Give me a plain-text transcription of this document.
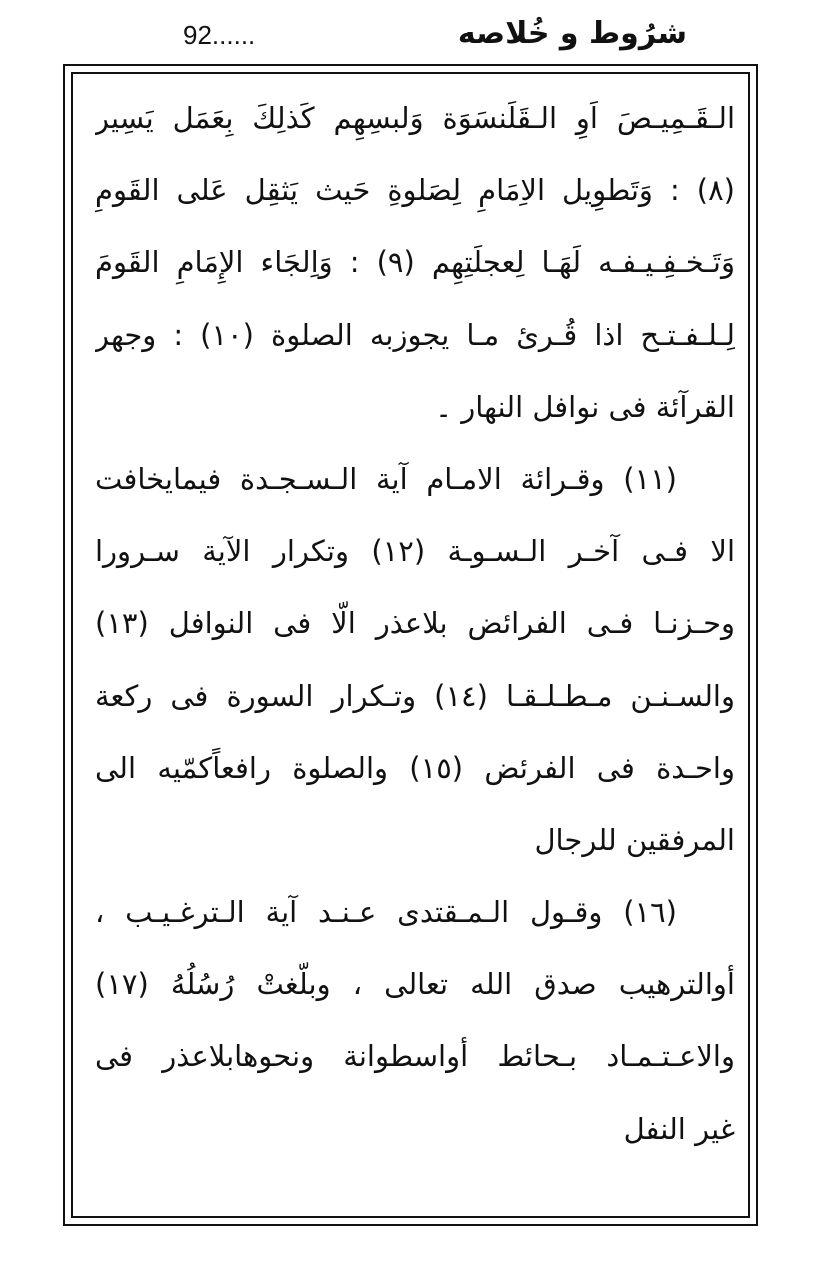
92......	شرُوط و خُلاصه
الـقَـمِيـصَ اَوِ الـقَلَنسَوَة وَلبسِهِم كَذلِكَ بِعَمَل يَسِير
(٨) : وَتَطوِيل الاِمَامِ لِصَلوةِ حَيث يَثقِل عَلى القَومِ
وَتَـخـفِـيـفـه لَهَـا لِعجلَتِهِم (٩) : وَاِلجَاء الإِمَامِ القَومَ
لِـلـفـتـح اذا قُـرئ مـا يجوزبه الصلوة (١٠) : وجهر
القرآئة فى نوافل النهار ۔
(١١) وقـرائة الامـام آية الـسـجـدة فيمايخافت
الا فـى آخـر الـسـوـة (١٢) وتكرار الآية سـرورا
وحـزنـا فـى الفرائض بلاعذر الّا فى النوافل (١٣)
والسـنـن مـطـلـقـا (١٤) وتـكرار السورة فى ركعة
واحـدة فى الفرئض (١٥) والصلوة رافعاًكمّيه الى
المرفقين للرجال
(١٦) وقـول الـمـقتدى عـنـد آية الـترغـيـب ،
أوالترهيب صدق الله تعالى ، وبلّغتْ رُسُلُهُ (١٧)
والاعـتـمـاد بـحائط أواسطوانة ونحوهابلاعذر فى
غير النفل
